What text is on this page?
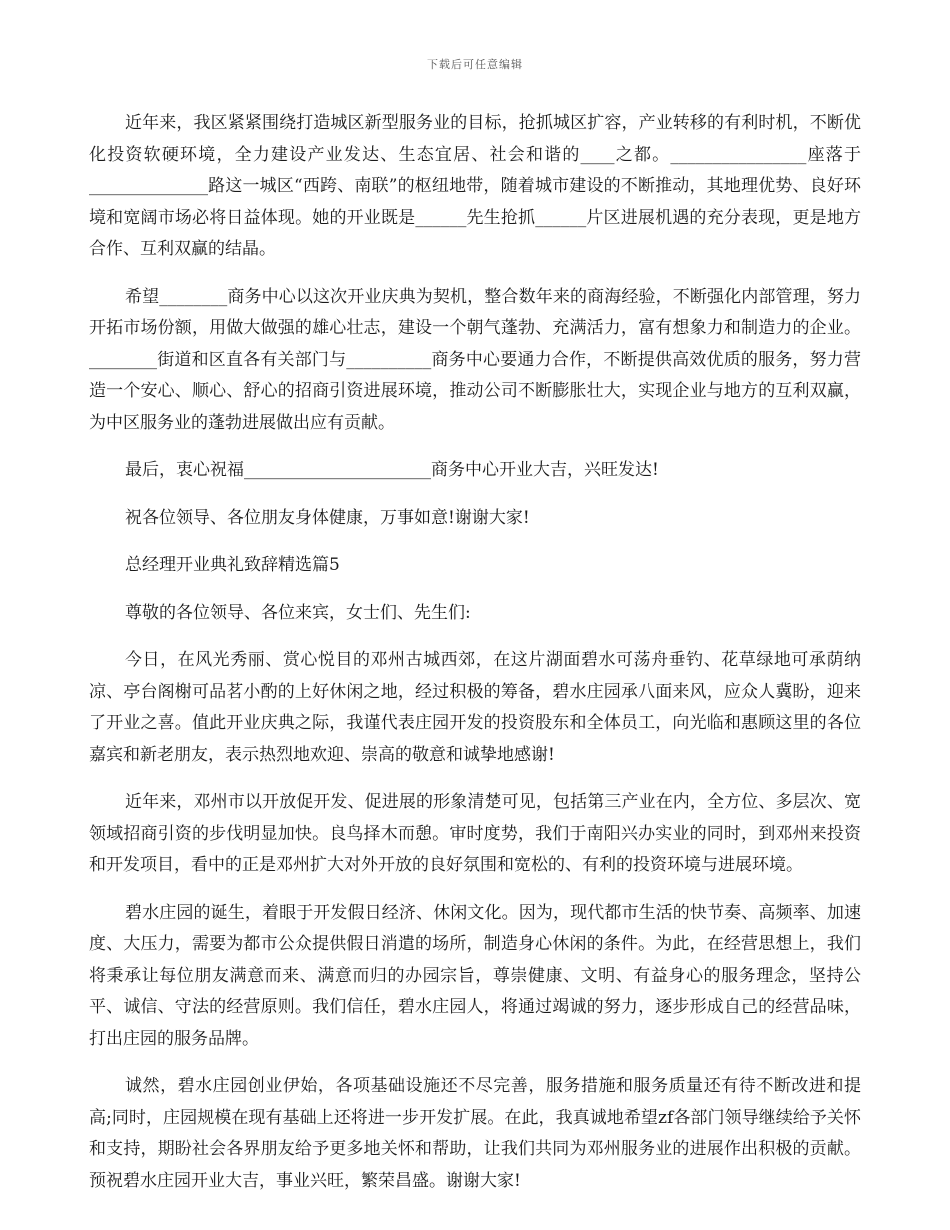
下载后可任意编辑

近年来，我区紧紧围绕打造城区新型服务业的目标，抢抓城区扩容，产业转移的有利时机，不断优化投资软硬环境，全力建设产业发达、生态宜居、社会和谐的____之都。________________座落于______________路这一城区“西跨、南联”的枢纽地带，随着城市建设的不断推动，其地理优势、良好环境和宽阔市场必将日益体现。她的开业既是______先生抢抓______片区进展机遇的充分表现，更是地方合作、互利双赢的结晶。

希望________商务中心以这次开业庆典为契机，整合数年来的商海经验，不断强化内部管理，努力开拓市场份额，用做大做强的雄心壮志，建设一个朝气蓬勃、充满活力，富有想象力和制造力的企业。________街道和区直各有关部门与__________商务中心要通力合作，不断提供高效优质的服务，努力营造一个安心、顺心、舒心的招商引资进展环境，推动公司不断膨胀壮大，实现企业与地方的互利双赢，为中区服务业的蓬勃进展做出应有贡献。

最后，衷心祝福______________________商务中心开业大吉，兴旺发达!

祝各位领导、各位朋友身体健康，万事如意!谢谢大家!

总经理开业典礼致辞精选篇5

尊敬的各位领导、各位来宾，女士们、先生们:

今日，在风光秀丽、赏心悦目的邓州古城西郊，在这片湖面碧水可荡舟垂钓、花草绿地可承荫纳凉、亭台阁榭可品茗小酌的上好休闲之地，经过积极的筹备，碧水庄园承八面来风，应众人冀盼，迎来了开业之喜。值此开业庆典之际，我谨代表庄园开发的投资股东和全体员工，向光临和惠顾这里的各位嘉宾和新老朋友，表示热烈地欢迎、崇高的敬意和诚挚地感谢!

近年来，邓州市以开放促开发、促进展的形象清楚可见，包括第三产业在内，全方位、多层次、宽领域招商引资的步伐明显加快。良鸟择木而憩。审时度势，我们于南阳兴办实业的同时，到邓州来投资和开发项目，看中的正是邓州扩大对外开放的良好氛围和宽松的、有利的投资环境与进展环境。

碧水庄园的诞生，着眼于开发假日经济、休闲文化。因为，现代都市生活的快节奏、高频率、加速度、大压力，需要为都市公众提供假日消遣的场所，制造身心休闲的条件。为此，在经营思想上，我们将秉承让每位朋友满意而来、满意而归的办园宗旨，尊崇健康、文明、有益身心的服务理念，坚持公平、诚信、守法的经营原则。我们信任，碧水庄园人，将通过竭诚的努力，逐步形成自己的经营品味，打出庄园的服务品牌。

诚然，碧水庄园创业伊始，各项基础设施还不尽完善，服务措施和服务质量还有待不断改进和提高;同时，庄园规模在现有基础上还将进一步开发扩展。在此，我真诚地希望zf各部门领导继续给予关怀和支持，期盼社会各界朋友给予更多地关怀和帮助，让我们共同为邓州服务业的进展作出积极的贡献。预祝碧水庄园开业大吉，事业兴旺，繁荣昌盛。谢谢大家!
